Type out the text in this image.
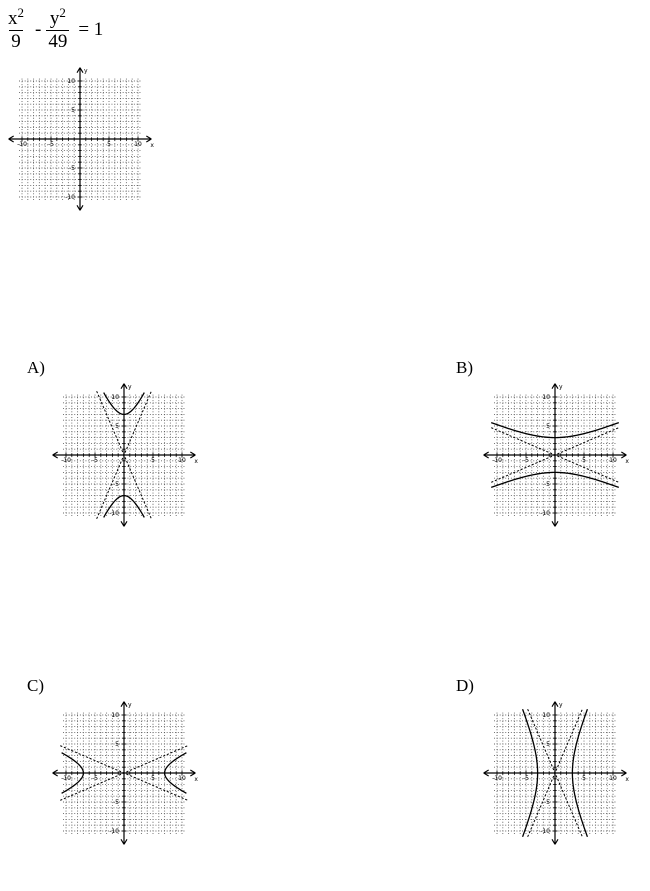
$\frac{x^2}{9} - \frac{y^2}{49} = 1$
-10	-5	5	10
10
5
-5
-10
x
y
A)
-10	-5	5	10
10
5
-5
-10
x
y
B)
-10	-5	5	10
10
5
-5
-10
x
y
C)
-10	-5	5	10
10
5
-5
-10
x
y
D)
-10	-5	5	10
10
5
-5
-10
x
y
